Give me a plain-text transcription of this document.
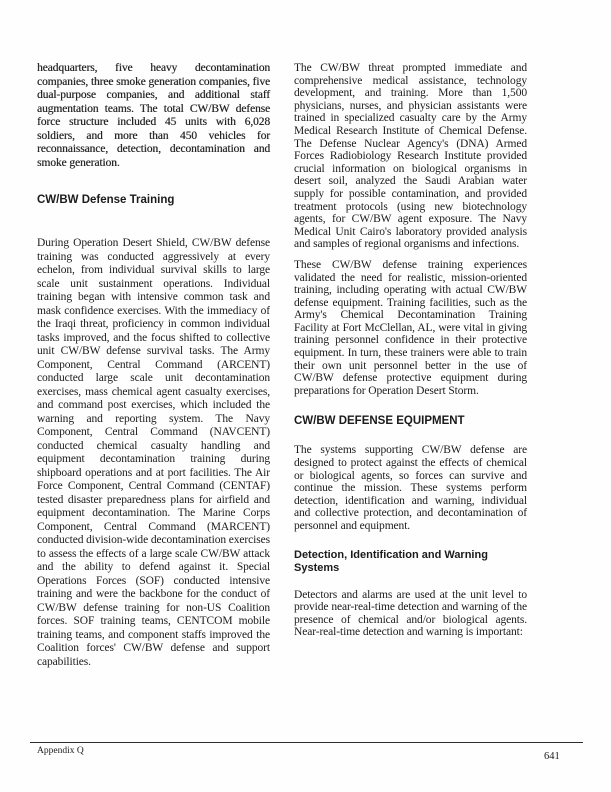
headquarters, five heavy decontamination companies, three smoke generation companies, five dual-purpose companies, and additional staff augmentation teams. The total CW/BW defense force structure included 45 units with 6,028 soldiers, and more than 450 vehicles for reconnaissance, detection, decontamination and smoke generation.

CW/BW Defense Training

During Operation Desert Shield, CW/BW defense training was conducted aggressively at every echelon, from individual survival skills to large scale unit sustainment operations. Individual training began with intensive common task and mask confidence exercises. With the immediacy of the Iraqi threat, proficiency in common individual tasks improved, and the focus shifted to collective unit CW/BW defense survival tasks. The Army Component, Central Command (ARCENT) conducted large scale unit decontamination exercises, mass chemical agent casualty exercises, and command post exercises, which included the warning and reporting system. The Navy Component, Central Command (NAVCENT) conducted chemical casualty handling and equipment decontamination training during shipboard operations and at port facilities. The Air Force Component, Central Command (CENTAF) tested disaster preparedness plans for airfield and equipment decontamination. The Marine Corps Component, Central Command (MARCENT) conducted division-wide decontamination exercises to assess the effects of a large scale CW/BW attack and the ability to defend against it. Special Operations Forces (SOF) conducted intensive training and were the backbone for the conduct of CW/BW defense training for non-US Coalition forces. SOF training teams, CENTCOM mobile training teams, and component staffs improved the Coalition forces' CW/BW defense and support capabilities.

The CW/BW threat prompted immediate and comprehensive medical assistance, technology development, and training. More than 1,500 physicians, nurses, and physician assistants were trained in specialized casualty care by the Army Medical Research Institute of Chemical Defense. The Defense Nuclear Agency's (DNA) Armed Forces Radiobiology Research Institute provided crucial information on biological organisms in desert soil, analyzed the Saudi Arabian water supply for possible contamination, and provided treatment protocols (using new biotechnology agents, for CW/BW agent exposure. The Navy Medical Unit Cairo's laboratory provided analysis and samples of regional organisms and infections.

These CW/BW defense training experiences validated the need for realistic, mission-oriented training, including operating with actual CW/BW defense equipment. Training facilities, such as the Army's Chemical Decontamination Training Facility at Fort McClellan, AL, were vital in giving training personnel confidence in their protective equipment. In turn, these trainers were able to train their own unit personnel better in the use of CW/BW defense protective equipment during preparations for Operation Desert Storm.

CW/BW DEFENSE EQUIPMENT

The systems supporting CW/BW defense are designed to protect against the effects of chemical or biological agents, so forces can survive and continue the mission. These systems perform detection, identification and warning, individual and collective protection, and decontamination of personnel and equipment.

Detection, Identification and Warning Systems

Detectors and alarms are used at the unit level to provide near-real-time detection and warning of the presence of chemical and/or biological agents. Near-real-time detection and warning is important:

Appendix Q	641
